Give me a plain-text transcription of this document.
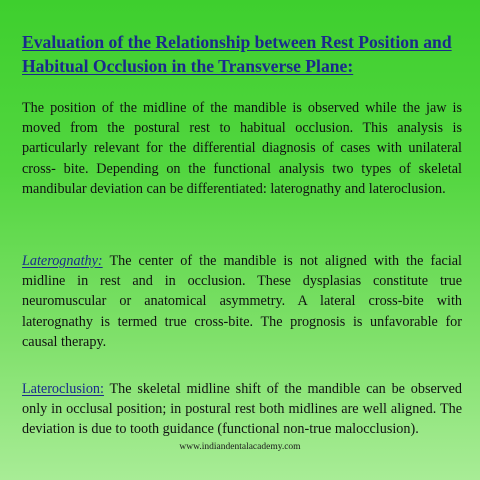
Evaluation of the Relationship between Rest Position and Habitual Occlusion in the Transverse Plane:

The position of the midline of the mandible is observed while the jaw is moved from the postural rest to habitual occlusion. This analysis is particularly relevant for the differential diagnosis of cases with unilateral cross- bite. Depending on the functional analysis two types of skeletal mandibular deviation can be differentiated: laterognathy and lateroclusion.

Laterognathy: The center of the mandible is not aligned with the facial midline in rest and in occlusion. These dysplasias constitute true neuromuscular or anatomical asymmetry. A lateral cross-bite with laterognathy is termed true cross-bite. The prognosis is unfavorable for causal therapy.

Lateroclusion: The skeletal midline shift of the mandible can be observed only in occlusal position; in postural rest both midlines are well aligned. The deviation is due to tooth guidance (functional non-true malocclusion).

www.indiandentalacademy.com
